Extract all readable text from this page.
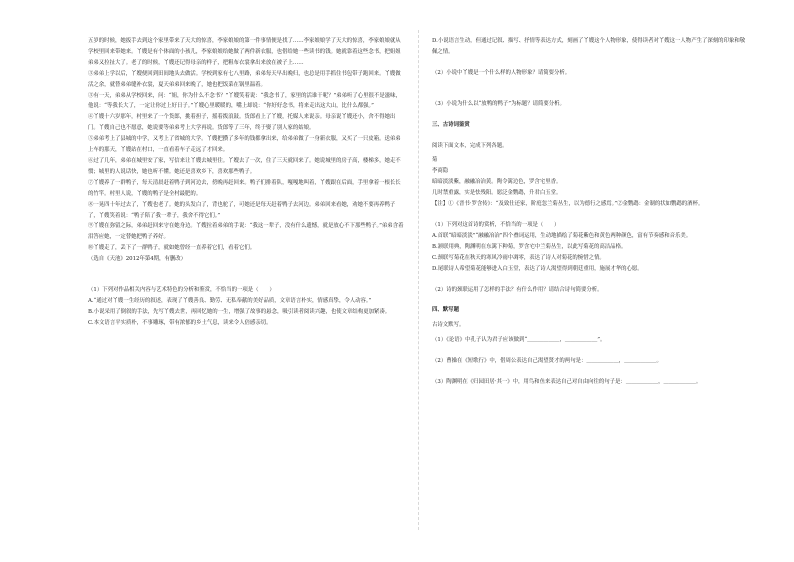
五岁的时候，她扳手去到这个家里带来了天大的惊喜，李家娘娘的第一件事情便是找了……李家娘娘学了天大的惊喜，李家娘娘就从学校里回来带她来。丫嫂是有个体面的小孩儿，李家娘娘给她做了两件新衣服，也借给她一些读书的钱。她就靠着这些念书，把姐姐弟弟又拉扯大了。老了的时候，丫嫂还记得母亲的样子，把粗布衣裳拿出来放在被子上……

③弟弟上学以后，丫嫂便回到田间地头去做活。学校到家有七八里路，弟弟每天早出晚归，也总是用手抓住书包带子跑回来。丫嫂做活之余，就替弟弟缝补衣裳，夏天弟弟回来晚了，她也把饭菜在锅里温着。

③有一天，弟弟从学校回来，问：“姐，你为什么不念书？”丫嫂笑着说：“我念书了，家里的活谁干呢？”弟弟听了心里很不是滋味，他说：“等我长大了，一定让你过上好日子。”丫嫂心里暖暖的，嘴上却说：“你好好念书，将来走出这大山，比什么都强。”

④丫嫂十六岁那年，村里来了一个货郎，挑着担子，摇着拨浪鼓。货郎看上了丫嫂，托媒人来说亲。母亲说丫嫂还小，舍不得她出门。丫嫂自己也不愿意，她说要等弟弟考上大学再说。货郎等了三年，终于娶了别人家的姑娘。

⑤弟弟考上了县城的中学，又考上了省城的大学。丫嫂把攒了多年的钱都拿出来，给弟弟做了一身新衣服，又买了一只皮箱。送弟弟上车的那天，丫嫂站在村口，一直看着车子走远了才回来。

⑥过了几年，弟弟在城里安了家，写信来让丫嫂去城里住。丫嫂去了一次，住了三天就回来了。她说城里的房子高，楼梯多，她走不惯；城里的人说话快，她也听不懂。她还是喜欢乡下，喜欢那些鸭子。

⑦丫嫂养了一群鸭子，每天清晨赶着鸭子到河边去，傍晚再赶回来。鸭子们排着队，嘎嘎地叫着，丫嫂跟在后面，手里拿着一根长长的竹竿。村里人说，丫嫂的鸭子是全村最肥的。

⑧一晃四十年过去了，丫嫂也老了。她的头发白了，背也驼了，可她还是每天赶着鸭子去河边。弟弟回来看她，劝她不要再养鸭子了，丫嫂笑着说：“鸭子陪了我一辈子，我舍不得它们。”

⑨丫嫂在弥留之际，弟弟赶回来守在她身边。丫嫂拉着弟弟的手说：“我这一辈子，没有什么遗憾，就是放心不下那些鸭子。”弟弟含着泪答应她，一定替她把鸭子养好。

⑩丫嫂走了，丢下了一群鸭子，就如她曾经一直养着它们，看着它们。

（选自《天池》2012年第4期，有删改）

（1）下列对作品相关内容与艺术特色的分析和鉴赏，不恰当的一项是（　　）

A.“通过对丫嫂一生经历的叙述，表现了丫嫂善良、勤劳、无私奉献的美好品质，文章语言朴实，情感真挚，令人动容。”

B.小说采用了倒叙的手法，先写丫嫂去世，再回忆她的一生，增强了故事的悬念，吸引读者阅读兴趣，也使文章结构更加紧凑。

C.本文语言平实质朴，不事雕琢，带有浓郁的乡土气息，读来令人倍感亲切。

D.小说语言生动，但通过记叙、描写、抒情等表达方式，刻画了丫嫂这个人物形象，使得读者对丫嫂这一人物产生了深刻的印象和敬佩之情。

（2）小说中丫嫂是一个什么样的人物形象？请简要分析。

（3）小说为什么以“放鸭的鸭子”为标题？请简要分析。

三、古诗词鉴赏

阅读下面文本，完成下列各题。

菊

李商隐

暗暗淡淡紫，融融冶冶黄。陶令篱边色，罗含宅里香。

几时禁重露，实是怯残阳。愿泛金鹦鹉，升君白玉堂。

【注】①《晋书·罗含传》：“及致仕还家，阶庭忽兰菊丛生，以为德行之感焉。”②金鹦鹉：金制的状如鹦鹉的酒杯。

（1）下列对这首诗的赏析，不恰当的一项是（　　）

A.首联“暗暗淡淡”“融融冶冶”四个叠词运用，生动地描绘了菊花紫色和黄色两种颜色，富有节奏感和音乐美。

B.颔联用典，陶渊明在东篱下种菊，罗含宅中兰菊丛生，以此写菊花的高洁品格。

C.颈联写菊花在秋天的寒风冷雨中凋零，表达了诗人对菊花的惋惜之情。

D.尾联诗人希望菊花能够进入白玉堂，表达了诗人渴望得到朝廷重用，施展才华的心愿。

（2）诗的颈联运用了怎样的手法？有什么作用？请结合诗句简要分析。

四、默写题

古诗文默写。

（1）《论语》中孔子认为君子应该做到“＿＿＿＿＿＿，＿＿＿＿＿＿”。

（2）曹操在《短歌行》中，借周公表达自己渴望贤才的两句是：＿＿＿＿＿＿，＿＿＿＿＿＿。

（3）陶渊明在《归园田居·其一》中，用鸟和鱼来表达自己对自由向往的句子是：＿＿＿＿＿＿，＿＿＿＿＿＿。
